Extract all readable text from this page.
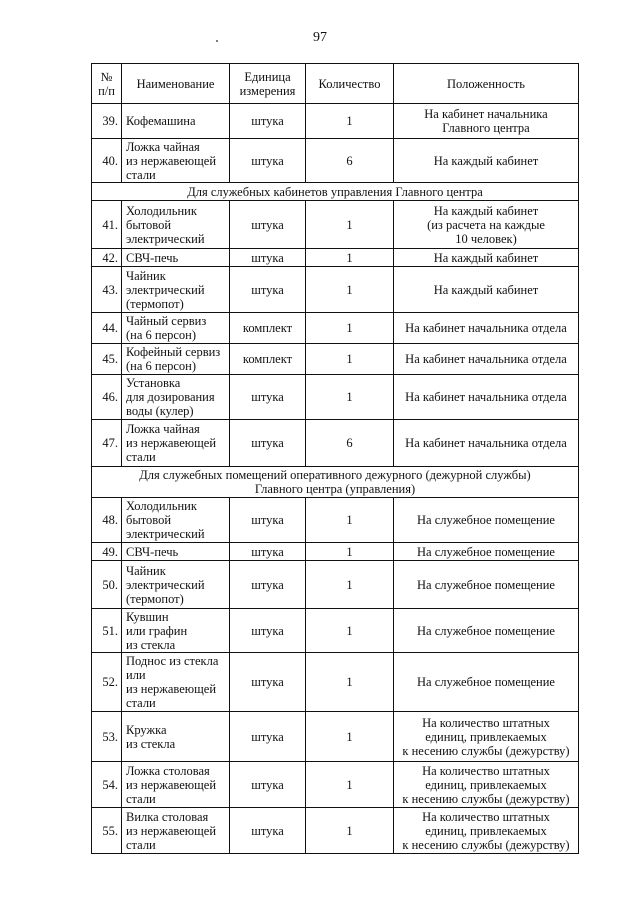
97
№
п/п	Наименование	Единица
измерения	Количество	Положенность
39.	Кофемашина	штука	1	На кабинет начальника
Главного центра
40.	Ложка чайная
из нержавеющей
стали	штука	6	На каждый кабинет
Для служебных кабинетов управления Главного центра				
41.	Холодильник
бытовой
электрический	штука	1	На каждый кабинет
(из расчета на каждые
10 человек)
42.	СВЧ-печь	штука	1	На каждый кабинет
43.	Чайник
электрический
(термопот)	штука	1	На каждый кабинет
44.	Чайный сервиз
(на 6 персон)	комплект	1	На кабинет начальника отдела
45.	Кофейный сервиз
(на 6 персон)	комплект	1	На кабинет начальника отдела
46.	Установка
для дозирования
воды (кулер)	штука	1	На кабинет начальника отдела
47.	Ложка чайная
из нержавеющей
стали	штука	6	На кабинет начальника отдела
Для служебных помещений оперативного дежурного (дежурной службы)
Главного центра (управления)				
48.	Холодильник
бытовой
электрический	штука	1	На служебное помещение
49.	СВЧ-печь	штука	1	На служебное помещение
50.	Чайник
электрический
(термопот)	штука	1	На служебное помещение
51.	Кувшин
или графин
из стекла	штука	1	На служебное помещение
52.	Поднос из стекла
или
из нержавеющей
стали	штука	1	На служебное помещение
53.	Кружка
из стекла	штука	1	На количество штатных
единиц, привлекаемых
к несению службы (дежурству)
54.	Ложка столовая
из нержавеющей
стали	штука	1	На количество штатных
единиц, привлекаемых
к несению службы (дежурству)
55.	Вилка столовая
из нержавеющей
стали	штука	1	На количество штатных
единиц, привлекаемых
к несению службы (дежурству)
